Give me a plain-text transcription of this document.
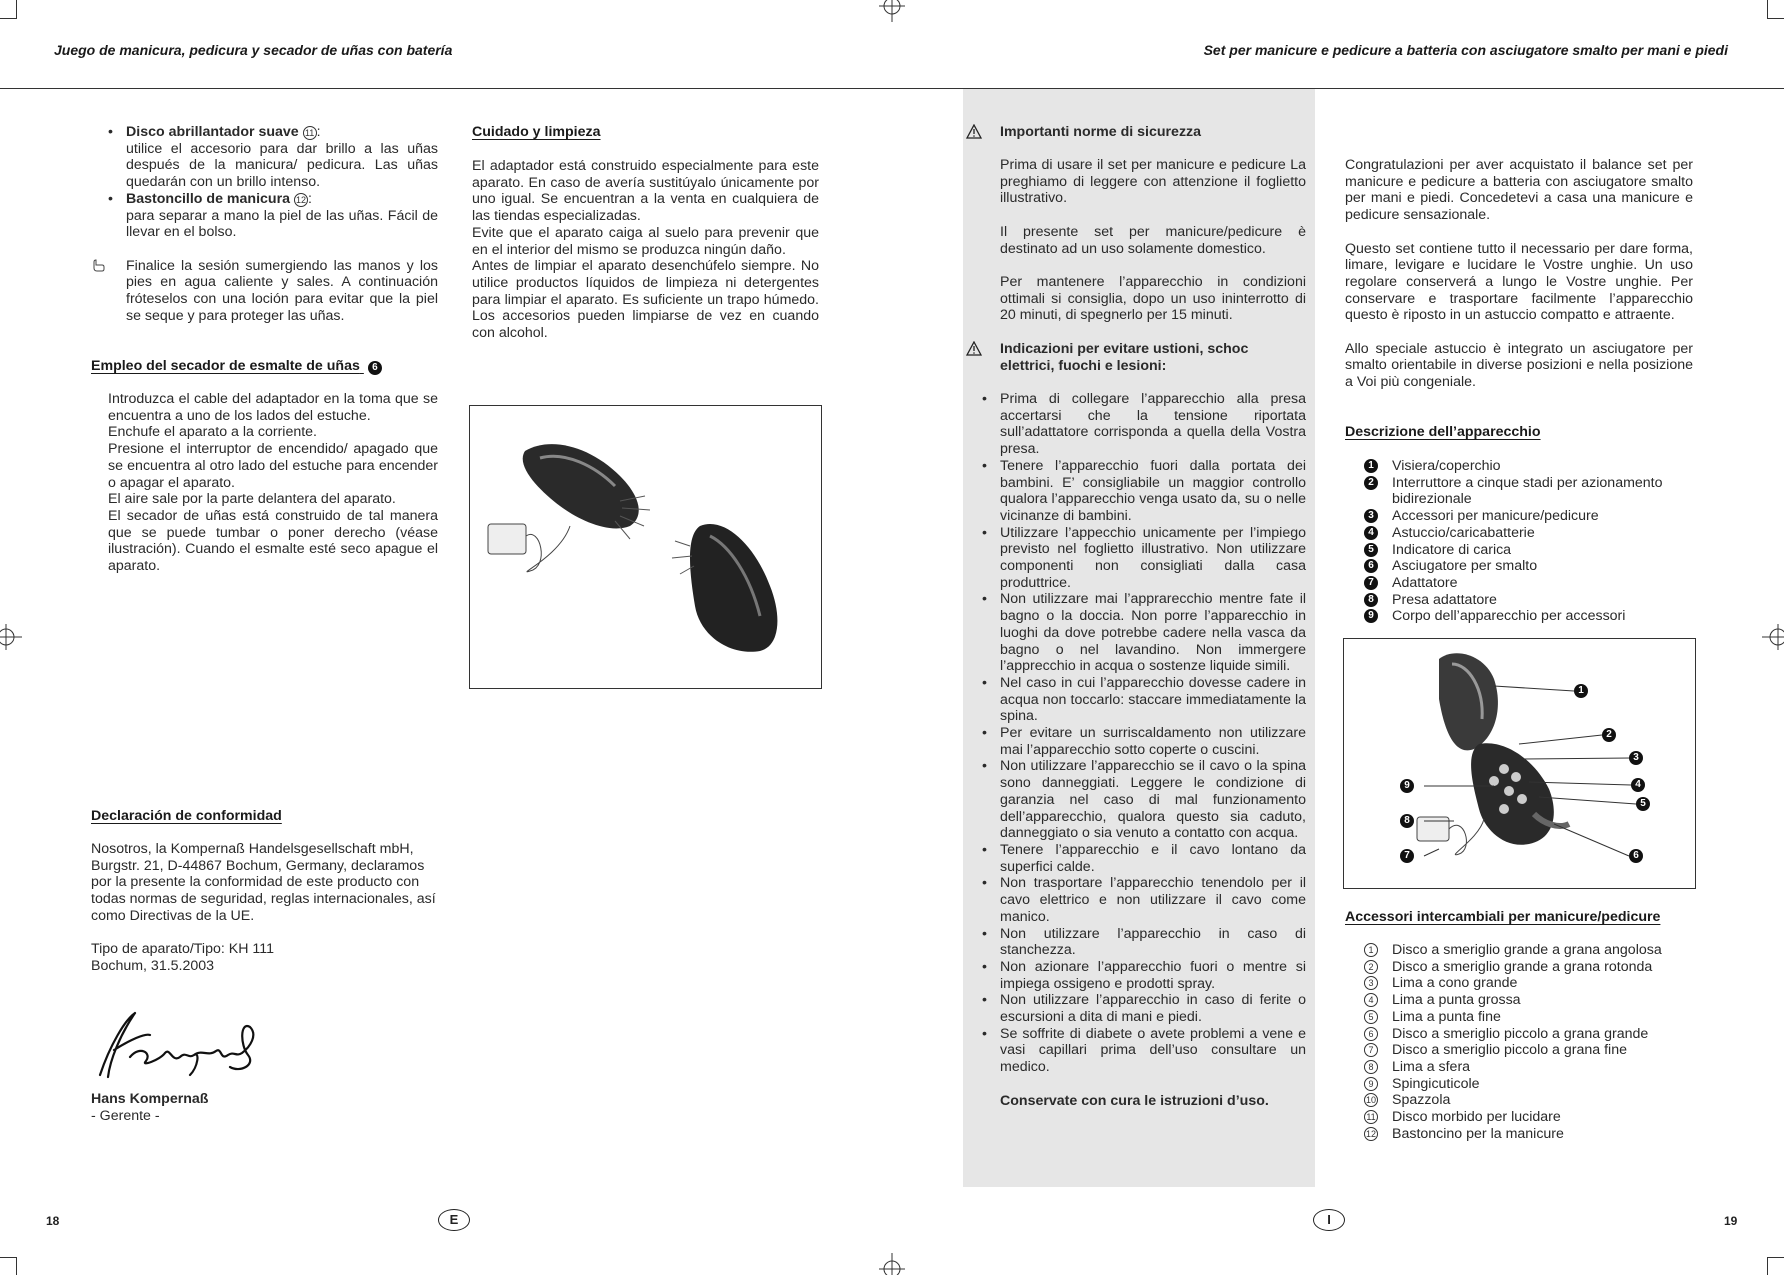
Juego de manicura, pedicura y secador de uñas con batería	Set per manicure e pedicure a batteria con asciugatore smalto per mani e piedi
• Disco abrillantador suave 11 :
utilice el accesorio para dar brillo a las uñas después de la manicura/ pedicura. Las uñas quedarán con un brillo intenso.
• Bastoncillo de manicura 12 :
para separar a mano la piel de las uñas. Fácil de llevar en el bolso.

Finalice la sesión sumergiendo las manos y los pies en agua caliente y sales. A continuación fróteselos con una loción para evitar que la piel se seque y para proteger las uñas.

Empleo del secador de esmalte de uñas 6

Introduzca el cable del adaptador en la toma que se encuentra a uno de los lados del estuche.

Enchufe el aparato a la corriente.

Presione el interruptor de encendido/ apagado que se encuentra al otro lado del estuche para encender o apagar el aparato.

El aire sale por la parte delantera del aparato.

El secador de uñas está construido de tal manera que se puede tumbar o poner derecho (véase ilustración). Cuando el esmalte esté seco apague el aparato.

Declaración de conformidad

Nosotros, la Kompernaß Handelsgesellschaft mbH, Burgstr. 21, D-44867 Bochum, Germany, declaramos por la presente la conformidad de este producto con todas normas de seguridad, reglas internacionales, así como Directivas de la UE.

Tipo de aparato/Tipo: KH 111

Bochum, 31.5.2003

Hans Kompernaß
- Gerente -
Cuidado y limpieza

El adaptador está construido especialmente para este aparato. En caso de avería sustitúyalo únicamente por uno igual. Se encuentran a la venta en cualquiera de las tiendas especializadas.

Evite que el aparato caiga al suelo para prevenir que en el interior del mismo se produzca ningún daño.

Antes de limpiar el aparato desenchúfelo siempre. No utilice productos líquidos de limpieza ni detergentes para limpiar el aparato. Es suficiente un trapo húmedo. Los accesorios pueden limpiarse de vez en cuando con alcohol.

Importanti norme di sicurezza

Prima di usare il set per manicure e pedicure La preghiamo di leggere con attenzione il foglietto illustrativo.

Il presente set per manicure/pedicure è destinato ad un uso solamente domestico.

Per mantenere l’apparecchio in condizioni ottimali si consiglia, dopo un uso ininterrotto di 20 minuti, di spegnerlo per 15 minuti.

Indicazioni per evitare ustioni, schoc elettrici, fuochi e lesioni:
• Prima di collegare l’apparecchio alla presa accertarsi che la tensione riportata sull’adattatore corrisponda a quella della Vostra presa.
• Tenere l’apparecchio fuori dalla portata dei bambini. E’ consigliabile un maggior controllo qualora l’apparecchio venga usato da, su o nelle vicinanze di bambini.
• Utilizzare l’appecchio unicamente per l’impiego previsto nel foglietto illustrativo. Non utilizzare componenti non consigliati dalla casa produttrice.
• Non utilizzare mai l’apprarecchio mentre fate il bagno o la doccia. Non porre l’apparecchio in luoghi da dove potrebbe cadere nella vasca da bagno o nel lavandino. Non immergere l’apprecchio in acqua o sostenze liquide simili.
• Nel caso in cui l’apparecchio dovesse cadere in acqua non toccarlo: staccare immediatamente la spina.
• Per evitare un surriscaldamento non utilizzare mai l’apparecchio sotto coperte o cuscini.
• Non utilizzare l’apparecchio se il cavo o la spina sono danneggiati. Leggere le condizione di garanzia nel caso di mal funzionamento dell’apparecchio, qualora questo sia caduto, danneggiato o sia venuto a contatto con acqua.
• Tenere l’apparecchio e il cavo lontano da superfici calde.
• Non trasportare l’apparecchio tenendolo per il cavo elettrico e non utilizzare il cavo come manico.
• Non utilizzare l’apparecchio in caso di stanchezza.
• Non azionare l’apparecchio fuori o mentre si impiega ossigeno e prodotti spray.
• Non utilizzare l’apparecchio in caso di ferite o escursioni a dita di mani e piedi.
• Se soffrite di diabete o avete problemi a vene e vasi capillari prima dell’uso consultare un medico.

Conservate con cura le istruzioni d’uso.

Congratulazioni per aver acquistato il balance set per manicure e pedicure a batteria con asciugatore smalto per mani e piedi. Concedetevi a casa una manicure e pedicure sensazionale.

Questo set contiene tutto il necessario per dare forma, limare, levigare e lucidare le Vostre unghie. Un uso regolare conserverá a lungo le Vostre unghie. Per conservare e trasportare facilmente l’apparecchio questo è riposto in un astuccio compatto e attraente.

Allo speciale astuccio è integrato un asciugatore per smalto orientabile in diverse posizioni e nella posizione a Voi più congeniale.

Descrizione dell’apparecchio
1 Visiera/coperchio
2 Interruttore a cinque stadi per azionamento bidirezionale
3 Accessori per manicure/pedicure
4 Astuccio/caricabatterie
5 Indicatore di carica
6 Asciugatore per smalto
7 Adattatore
8 Presa adattatore
9 Corpo dell’apparecchio per accessori
1
2
3
4
5
6
7
8
9
Accessori intercambiali per manicure/pedicure
1	Disco a smeriglio grande a grana angolosa
2	Disco a smeriglio grande a grana rotonda
3	Lima a cono grande
4	Lima a punta grossa
5	Lima a punta fine
6	Disco a smeriglio piccolo a grana grande
7	Disco a smeriglio piccolo a grana fine
8	Lima a sfera
9	Spingicuticole
10 Spazzola
11 Disco morbido per lucidare
12 Bastoncino per la manicure
18	E	I	19
